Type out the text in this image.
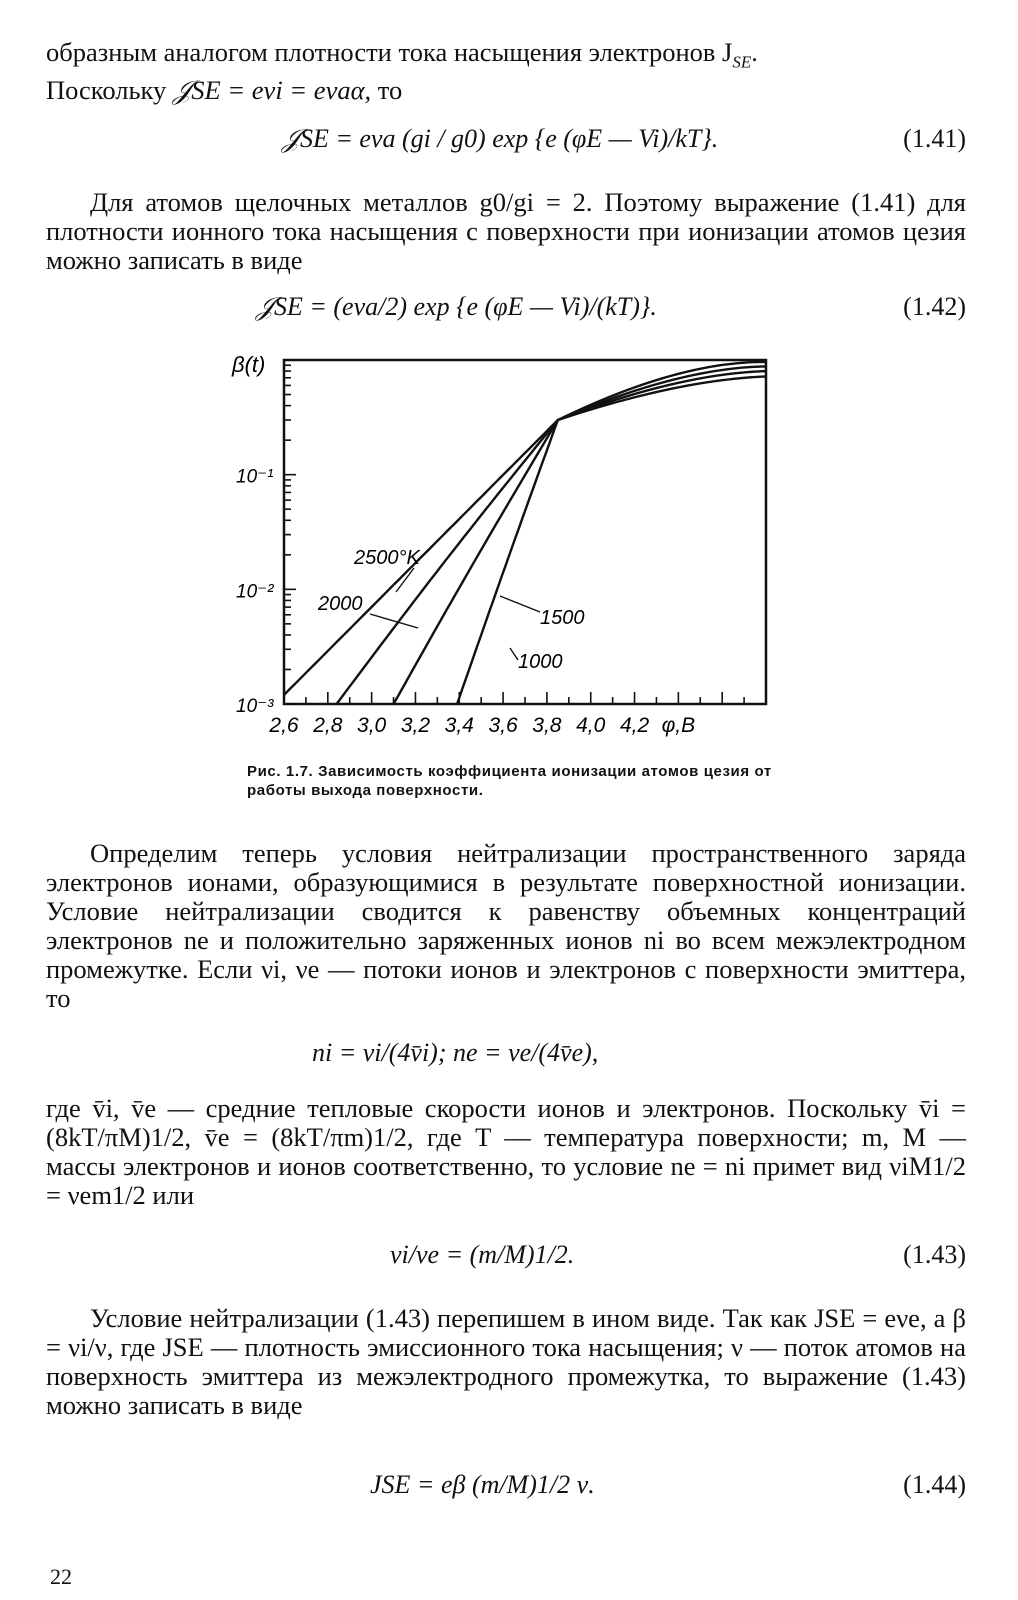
образным аналогом плотности тока насыщения электронов $J_{SE}$.
Поскольку 𝒥SE = eνi = eνaα, то
𝒥SE = eνa (gi / g0) exp {e (φE — Vi)/kT}.	(1.41)

Для атомов щелочных металлов g0/gi = 2. Поэтому выражение (1.41) для плотности ионного тока насыщения с поверхности при ионизации атомов цезия можно записать в виде

𝒥SE = (eνa/2) exp {e (φE — Vi)/(kT)}.	(1.42)
2,6 2,8 3,0 3,2 3,4 3,6 3,8 4,0 4,2 φ,B
10⁻¹
10⁻²
10⁻³
2500°K
2000
1500
1000
β(t)
Рис. 1.7. Зависимость коэффициента ионизации атомов цезия от работы выхода поверхности.

Определим теперь условия нейтрализации пространственного заряда электронов ионами, образующимися в результате поверхностной ионизации. Условие нейтрализации сводится к равенству объемных концентраций электронов ne и положительно заряженных ионов ni во всем межэлектродном промежутке. Если νi, νe — потоки ионов и электронов с поверхности эмиттера, то

ni = νi/(4v̄i); ne = νe/(4v̄e),

где v̄i, v̄e — средние тепловые скорости ионов и электронов. Поскольку v̄i = (8kT/πM)1/2, v̄e = (8kT/πm)1/2, где T — температура поверхности; m, M — массы электронов и ионов соответственно, то условие ne = ni примет вид νiM1/2 = νem1/2 или

νi/νe = (m/M)1/2.	(1.43)

Условие нейтрализации (1.43) перепишем в ином виде. Так как JSE = eνe, а β = νi/ν, где JSE — плотность эмиссионного тока насыщения; ν — поток атомов на поверхность эмиттера из межэлектродного промежутка, то выражение (1.43) можно записать в виде

JSE = eβ (m/M)1/2 ν.	(1.44)
22
